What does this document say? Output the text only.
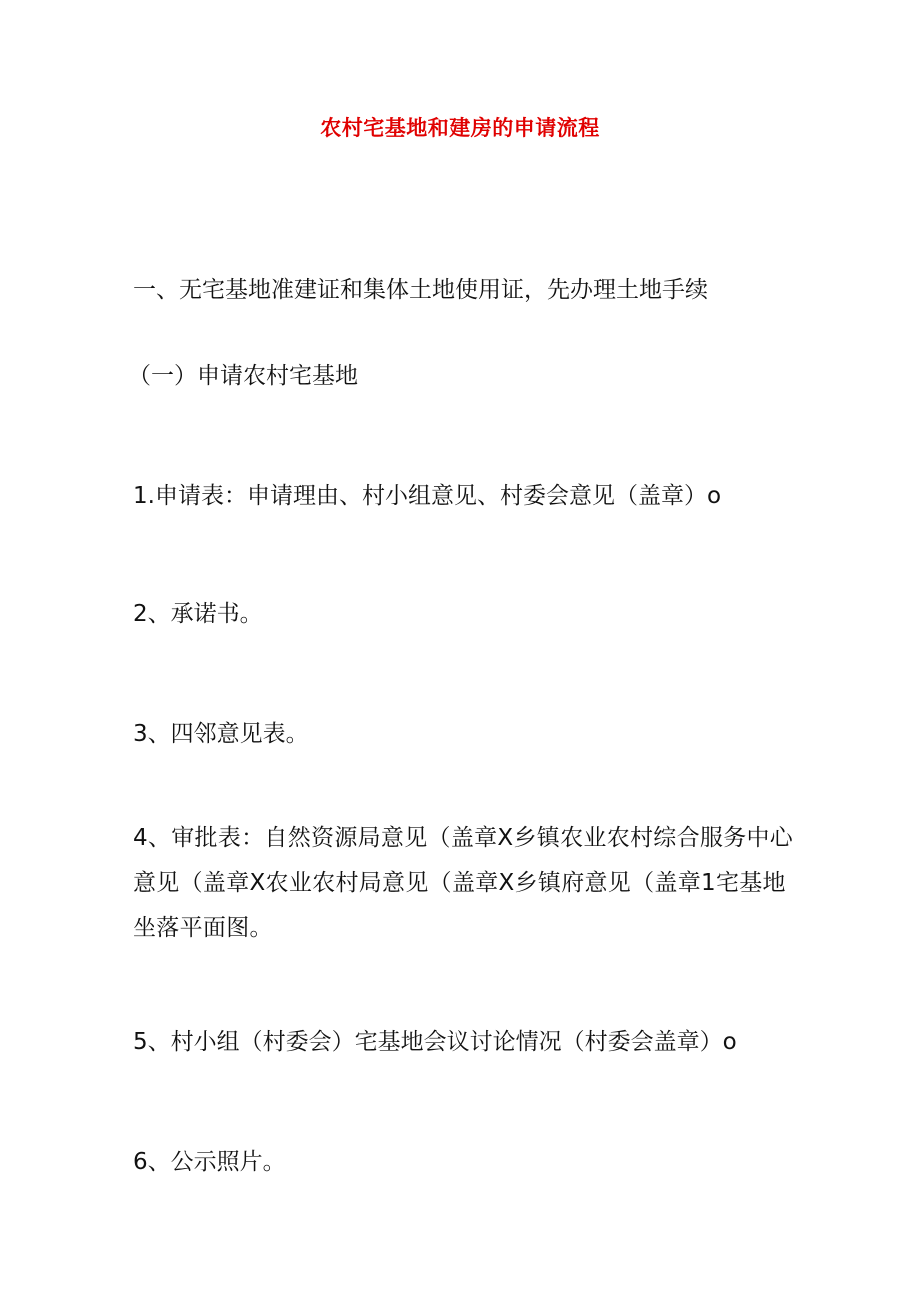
农村宅基地和建房的申请流程
一、无宅基地准建证和集体土地使用证，先办理土地手续
（一）申请农村宅基地
1.申请表：申请理由、村小组意见、村委会意见（盖章）o
2、承诺书。
3、四邻意见表。
4、审批表：自然资源局意见（盖章X乡镇农业农村综合服务中心意见（盖章X农业农村局意见（盖章X乡镇府意见（盖章1宅基地坐落平面图。
5、村小组（村委会）宅基地会议讨论情况（村委会盖章）o
6、公示照片。
